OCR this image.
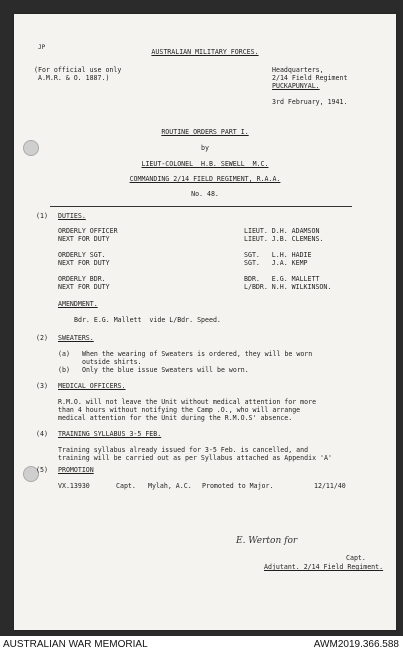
JP
AUSTRALIAN MILITARY FORCES.
(For official use only
A.M.R. & O. 1887.)
Headquarters,
2/14 Field Regiment
PUCKAPUNYAL.
3rd February, 1941.
ROUTINE ORDERS PART I.
by
LIEUT-COLONEL  H.B. SEWELL  M.C.
COMMANDING 2/14 FIELD REGIMENT, R.A.A.
No. 48.
(1) DUTIES.
ORDERLY OFFICER	LIEUT. D.H. ADAMSON
NEXT FOR DUTY	LIEUT. J.B. CLEMENS.
ORDERLY SGT.	SGT.   L.H. HADIE
NEXT FOR DUTY	SGT.   J.A. KEMP
ORDERLY BDR.	BDR.   E.G. MALLETT
NEXT FOR DUTY	L/BDR. N.H. WILKINSON.
AMENDMENT.
Bdr. E.G. Mallett  vide L/Bdr. Speed.
(2) SWEATERS.
(a) When the wearing of Sweaters is ordered, they will be worn
outside shirts.
(b) Only the blue issue Sweaters will be worn.
(3) MEDICAL OFFICERS.
R.M.O. will not leave the Unit without medical attention for more
than 4 hours without notifying the Camp .O., who will arrange
medical attention for the Unit during the R.M.O.S' absence.
(4) TRAINING SYLLABUS 3-5 FEB.
Training syllabus already issued for 3-5 Feb. is cancelled, and
training will be carried out as per Syllabus attached as Appendix 'A'
(5) PROMOTION
VX.13930	Capt. Mylah, A.C. Promoted to Major.	12/11/40
E. Werton for
Capt.
Adjutant. 2/14 Field Regiment.
AUSTRALIAN WAR MEMORIAL	AWM2019.366.588
